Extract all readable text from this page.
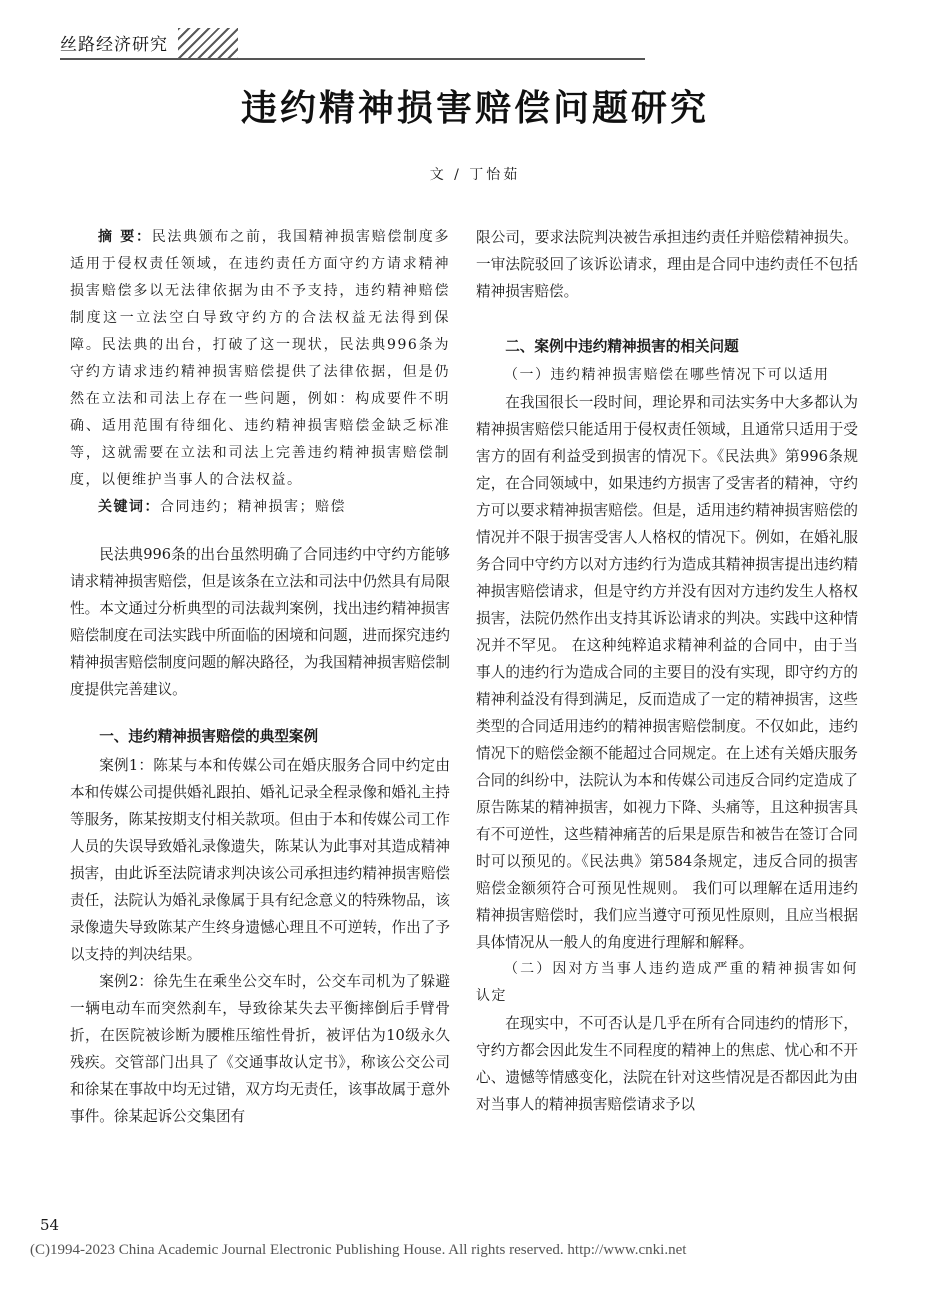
丝路经济研究
违约精神损害赔偿问题研究
文 / 丁怡茹

摘 要：民法典颁布之前，我国精神损害赔偿制度多适用于侵权责任领域，在违约责任方面守约方请求精神损害赔偿多以无法律依据为由不予支持，违约精神赔偿制度这一立法空白导致守约方的合法权益无法得到保障。民法典的出台，打破了这一现状，民法典996条为守约方请求违约精神损害赔偿提供了法律依据，但是仍然在立法和司法上存在一些问题，例如：构成要件不明确、适用范围有待细化、违约精神损害赔偿金缺乏标准等，这就需要在立法和司法上完善违约精神损害赔偿制度，以便维护当事人的合法权益。

关键词：合同违约；精神损害；赔偿

民法典996条的出台虽然明确了合同违约中守约方能够请求精神损害赔偿，但是该条在立法和司法中仍然具有局限性。本文通过分析典型的司法裁判案例，找出违约精神损害赔偿制度在司法实践中所面临的困境和问题，进而探究违约精神损害赔偿制度问题的解决路径，为我国精神损害赔偿制度提供完善建议。

一、违约精神损害赔偿的典型案例

案例1：陈某与本和传媒公司在婚庆服务合同中约定由本和传媒公司提供婚礼跟拍、婚礼记录全程录像和婚礼主持等服务，陈某按期支付相关款项。但由于本和传媒公司工作人员的失误导致婚礼录像遗失，陈某认为此事对其造成精神损害，由此诉至法院请求判决该公司承担违约精神损害赔偿责任，法院认为婚礼录像属于具有纪念意义的特殊物品，该录像遗失导致陈某产生终身遗憾心理且不可逆转，作出了予以支持的判决结果。

案例2：徐先生在乘坐公交车时，公交车司机为了躲避一辆电动车而突然刹车，导致徐某失去平衡摔倒后手臂骨折，在医院被诊断为腰椎压缩性骨折，被评估为10级永久残疾。交管部门出具了《交通事故认定书》，称该公交公司和徐某在事故中均无过错，双方均无责任，该事故属于意外事件。徐某起诉公交集团有

限公司，要求法院判决被告承担违约责任并赔偿精神损失。一审法院驳回了该诉讼请求，理由是合同中违约责任不包括精神损害赔偿。

二、案例中违约精神损害的相关问题
（一）违约精神损害赔偿在哪些情况下可以适用

在我国很长一段时间，理论界和司法实务中大多都认为精神损害赔偿只能适用于侵权责任领域，且通常只适用于受害方的固有利益受到损害的情况下。《民法典》第996条规定，在合同领域中，如果违约方损害了受害者的精神，守约方可以要求精神损害赔偿。但是，适用违约精神损害赔偿的情况并不限于损害受害人人格权的情况下。例如，在婚礼服务合同中守约方以对方违约行为造成其精神损害提出违约精神损害赔偿请求，但是守约方并没有因对方违约发生人格权损害，法院仍然作出支持其诉讼请求的判决。实践中这种情况并不罕见。 在这种纯粹追求精神利益的合同中，由于当事人的违约行为造成合同的主要目的没有实现，即守约方的精神利益没有得到满足，反而造成了一定的精神损害，这些类型的合同适用违约的精神损害赔偿制度。不仅如此，违约情况下的赔偿金额不能超过合同规定。在上述有关婚庆服务合同的纠纷中，法院认为本和传媒公司违反合同约定造成了原告陈某的精神损害，如视力下降、头痛等，且这种损害具有不可逆性，这些精神痛苦的后果是原告和被告在签订合同时可以预见的。《民法典》第584条规定，违反合同的损害赔偿金额须符合可预见性规则。 我们可以理解在适用违约精神损害赔偿时，我们应当遵守可预见性原则，且应当根据具体情况从一般人的角度进行理解和解释。

（二）因对方当事人违约造成严重的精神损害如何认定

在现实中，不可否认是几乎在所有合同违约的情形下，守约方都会因此发生不同程度的精神上的焦虑、忧心和不开心、遗憾等情感变化，法院在针对这些情况是否都因此为由对当事人的精神损害赔偿请求予以

54
(C)1994-2023 China Academic Journal Electronic Publishing House. All rights reserved. http://www.cnki.net
